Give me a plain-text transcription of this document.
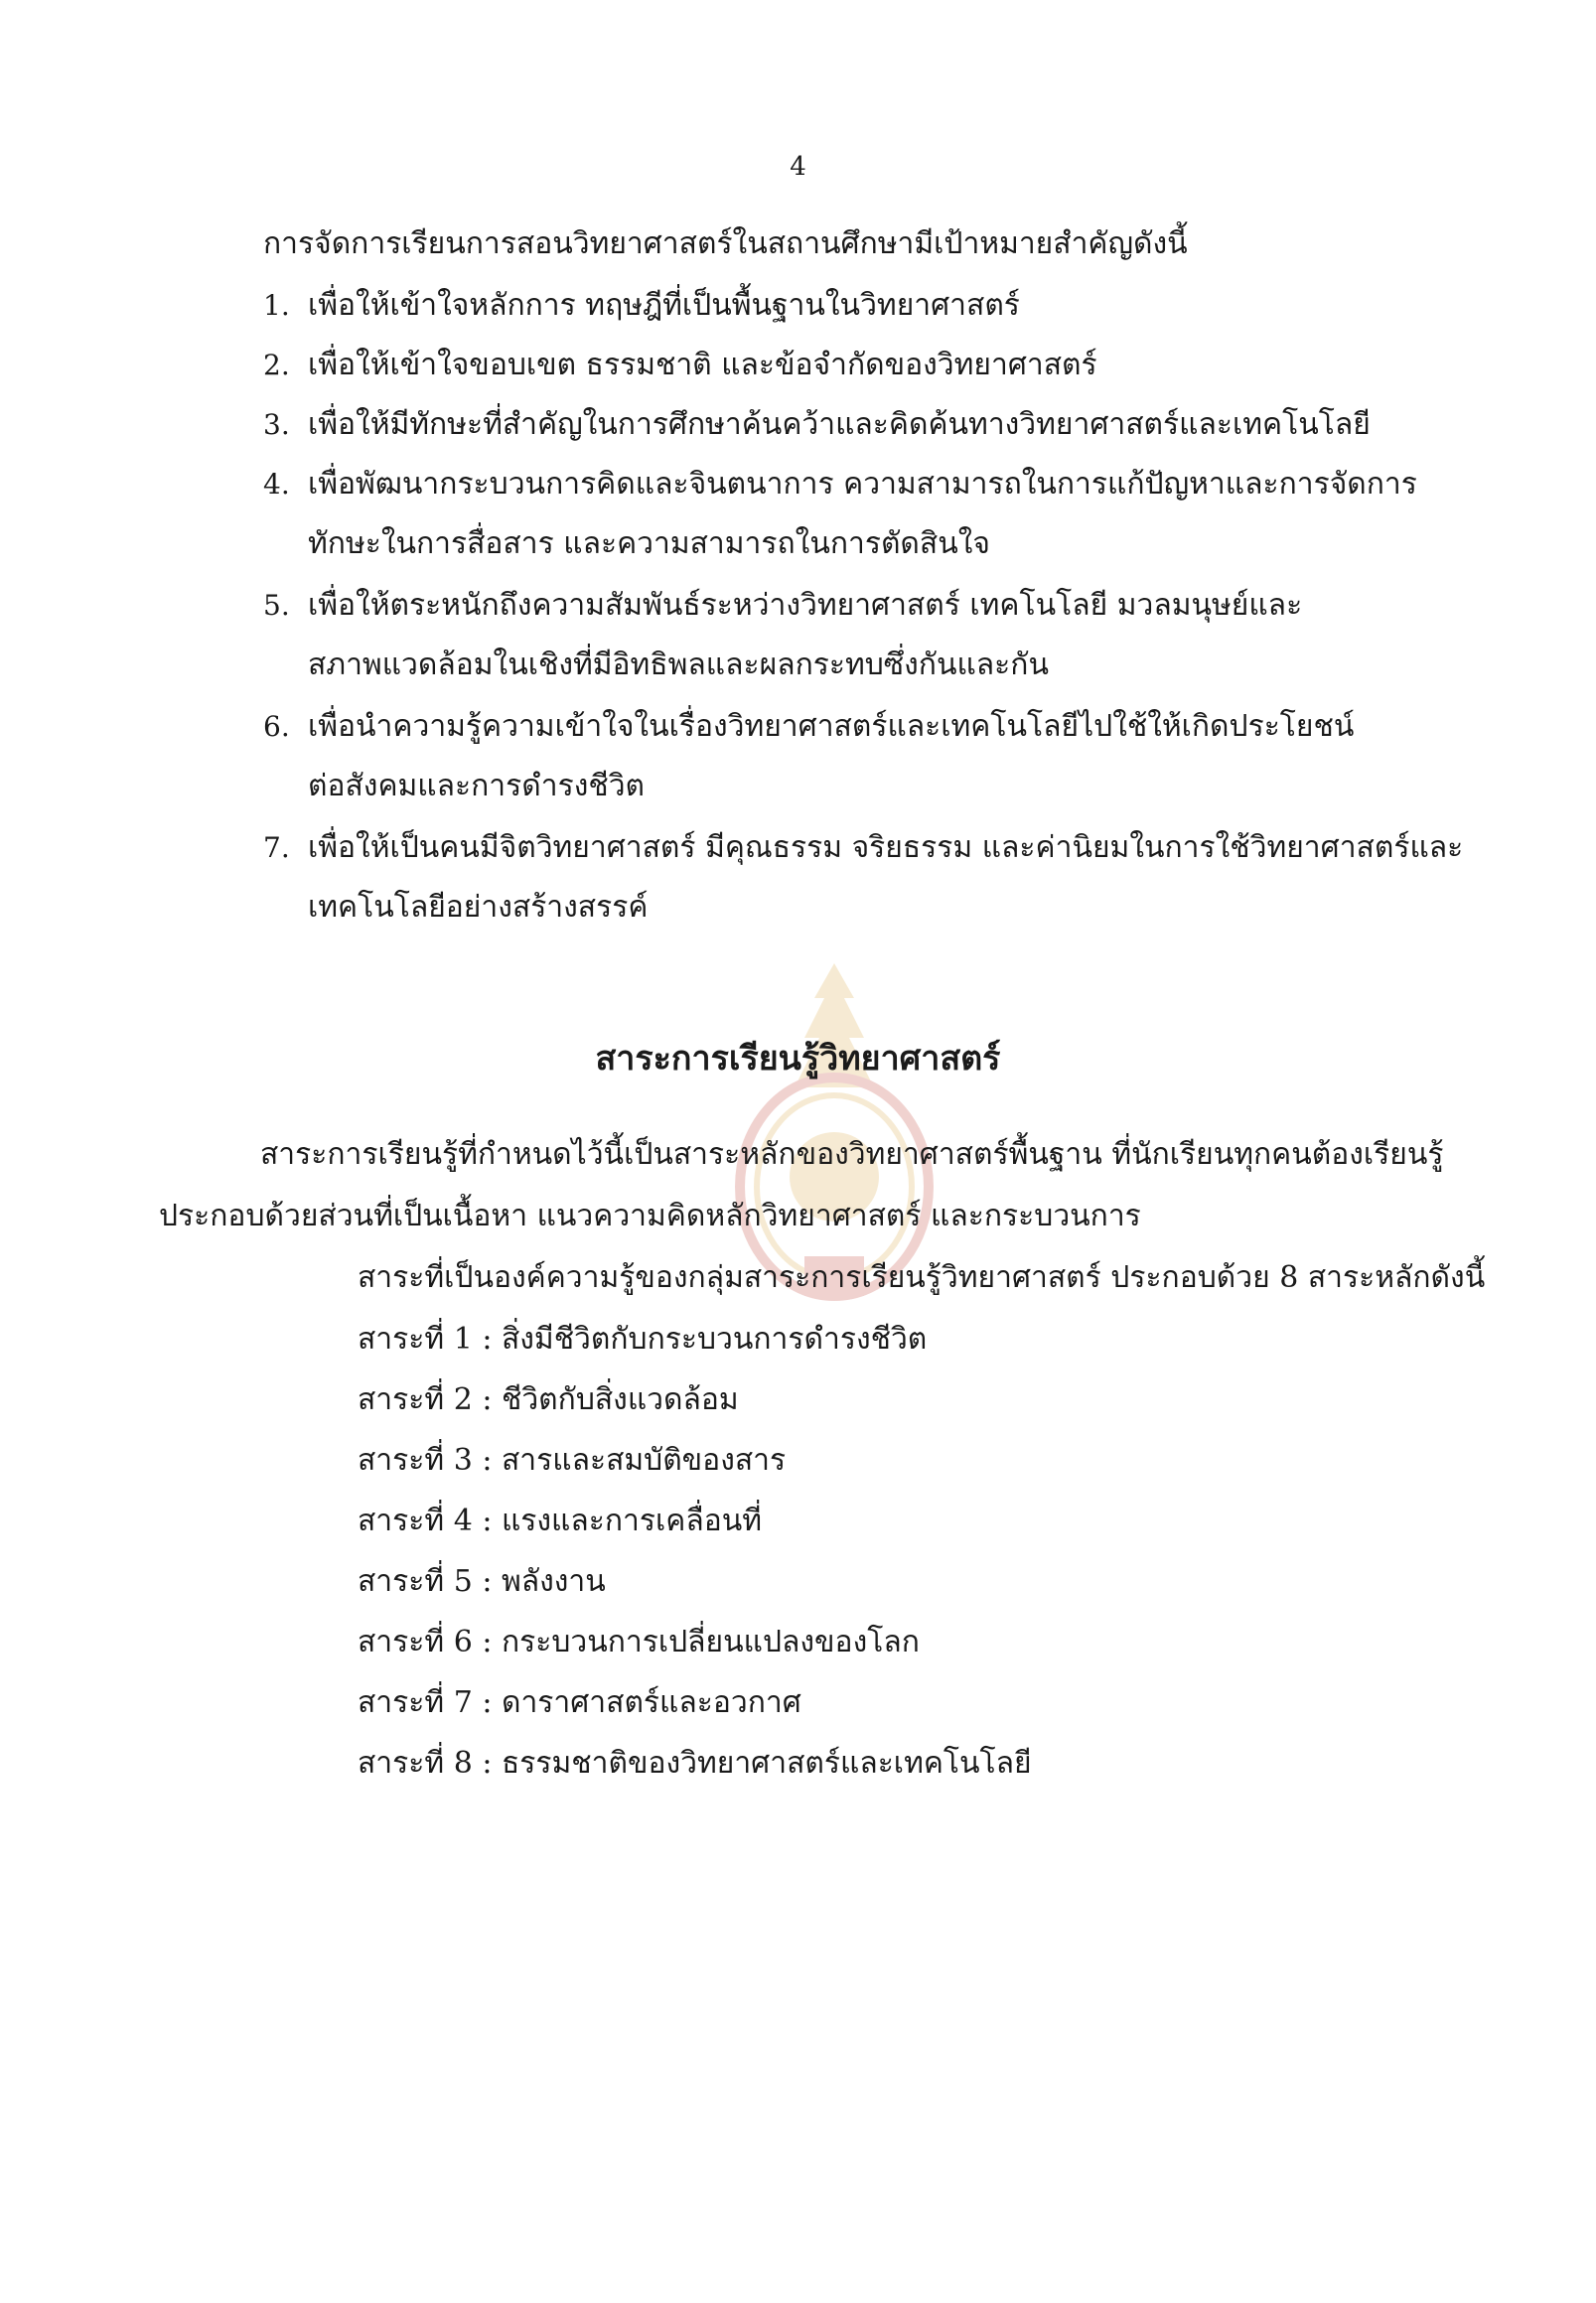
4
การจัดการเรียนการสอนวิทยาศาสตร์ในสถานศึกษามีเป้าหมายสำคัญดังนี้
1. เพื่อให้เข้าใจหลักการ ทฤษฎีที่เป็นพื้นฐานในวิทยาศาสตร์
2. เพื่อให้เข้าใจขอบเขต ธรรมชาติ และข้อจำกัดของวิทยาศาสตร์
3. เพื่อให้มีทักษะที่สำคัญในการศึกษาค้นคว้าและคิดค้นทางวิทยาศาสตร์และเทคโนโลยี
4. เพื่อพัฒนากระบวนการคิดและจินตนาการ ความสามารถในการแก้ปัญหาและการจัดการ
ทักษะในการสื่อสาร และความสามารถในการตัดสินใจ
5. เพื่อให้ตระหนักถึงความสัมพันธ์ระหว่างวิทยาศาสตร์ เทคโนโลยี มวลมนุษย์และ
สภาพแวดล้อมในเชิงที่มีอิทธิพลและผลกระทบซึ่งกันและกัน
6. เพื่อนำความรู้ความเข้าใจในเรื่องวิทยาศาสตร์และเทคโนโลยีไปใช้ให้เกิดประโยชน์
ต่อสังคมและการดำรงชีวิต
7. เพื่อให้เป็นคนมีจิตวิทยาศาสตร์ มีคุณธรรม จริยธรรม และค่านิยมในการใช้วิทยาศาสตร์และ
เทคโนโลยีอย่างสร้างสรรค์
สาระการเรียนรู้วิทยาศาสตร์
สาระการเรียนรู้ที่กำหนดไว้นี้เป็นสาระหลักของวิทยาศาสตร์พื้นฐาน ที่นักเรียนทุกคนต้องเรียนรู้
ประกอบด้วยส่วนที่เป็นเนื้อหา แนวความคิดหลักวิทยาศาสตร์ และกระบวนการ
สาระที่เป็นองค์ความรู้ของกลุ่มสาระการเรียนรู้วิทยาศาสตร์ ประกอบด้วย 8 สาระหลักดังนี้
สาระที่ 1 : สิ่งมีชีวิตกับกระบวนการดำรงชีวิต
สาระที่ 2 : ชีวิตกับสิ่งแวดล้อม
สาระที่ 3 : สารและสมบัติของสาร
สาระที่ 4 : แรงและการเคลื่อนที่
สาระที่ 5 : พลังงาน
สาระที่ 6 : กระบวนการเปลี่ยนแปลงของโลก
สาระที่ 7 : ดาราศาสตร์และอวกาศ
สาระที่ 8 : ธรรมชาติของวิทยาศาสตร์และเทคโนโลยี
